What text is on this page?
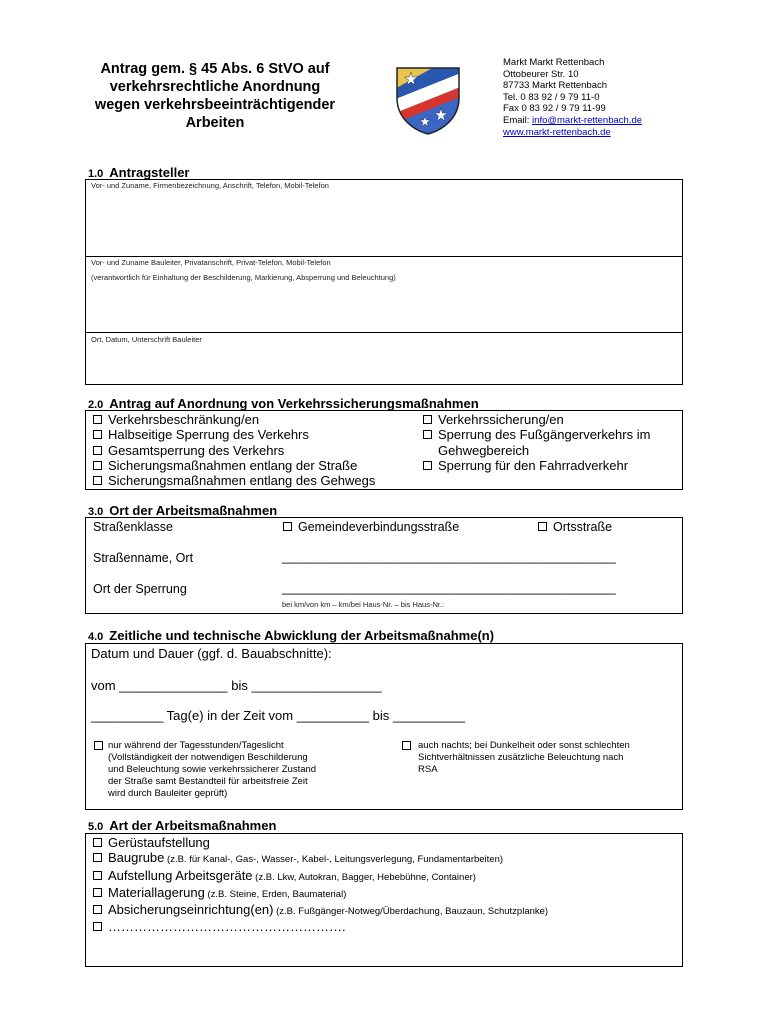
Antrag gem. § 45 Abs. 6 StVO auf
verkehrsrechtliche Anordnung
wegen verkehrsbeeinträchtigender
Arbeiten
Markt Markt Rettenbach
Ottobeurer Str. 10
87733 Markt Rettenbach
Tel. 0 83 92 / 9 79 11-0
Fax 0 83 92 / 9 79 11-99
Email: info@markt-rettenbach.de
www.markt-rettenbach.de
1.0 Antragsteller
Vor- und Zuname, Firmenbezeichnung, Anschrift, Telefon, Mobil-Telefon
Vor- und Zuname Bauleiter, Privatanschrift, Privat-Telefon, Mobil-Telefon
(verantwortlich für Einhaltung der Beschilderung, Markierung, Absperrung und Beleuchtung)
Ort, Datum, Unterschrift Bauleiter
2.0 Antrag auf Anordnung von Verkehrssicherungsmaßnahmen
Verkehrsbeschränkung/en
Halbseitige Sperrung des Verkehrs
Gesamtsperrung des Verkehrs
Sicherungsmaßnahmen entlang der Straße
Sicherungsmaßnahmen entlang des Gehwegs
Verkehrssicherung/en
Sperrung des Fußgängerverkehrs im
Gehwegbereich
Sperrung für den Fahrradverkehr
3.0 Ort der Arbeitsmaßnahmen
Straßenklasse	Gemeindeverbindungsstraße	Ortsstraße
Straßenname, Ort	________________________________________________
Ort der Sperrung	________________________________________________
bei km/von km – km/bei Haus-Nr. – bis Haus-Nr.:
4.0 Zeitliche und technische Abwicklung der Arbeitsmaßnahme(n)
Datum und Dauer (ggf. d. Bauabschnitte):
vom _______________ bis __________________
__________ Tag(e) in der Zeit vom __________ bis __________
nur während der Tagesstunden/Tageslicht
(Vollständigkeit der notwendigen Beschilderung
und Beleuchtung sowie verkehrssicherer Zustand
der Straße samt Bestandteil für arbeitsfreie Zeit
wird durch Bauleiter geprüft)
auch nachts; bei Dunkelheit oder sonst schlechten
Sichtverhältnissen zusätzliche Beleuchtung nach
RSA
5.0 Art der Arbeitsmaßnahmen
Gerüstaufstellung
Baugrube (z.B. für Kanal-, Gas-, Wasser-, Kabel-, Leitungsverlegung, Fundamentarbeiten)
Aufstellung Arbeitsgeräte (z.B. Lkw, Autokran, Bagger, Hebebühne, Container)
Materiallagerung (z.B. Steine, Erden, Baumaterial)
Absicherungseinrichtung(en) (z.B. Fußgänger-Notweg/Überdachung, Bauzaun, Schutzplanke)
……………………………………………….
